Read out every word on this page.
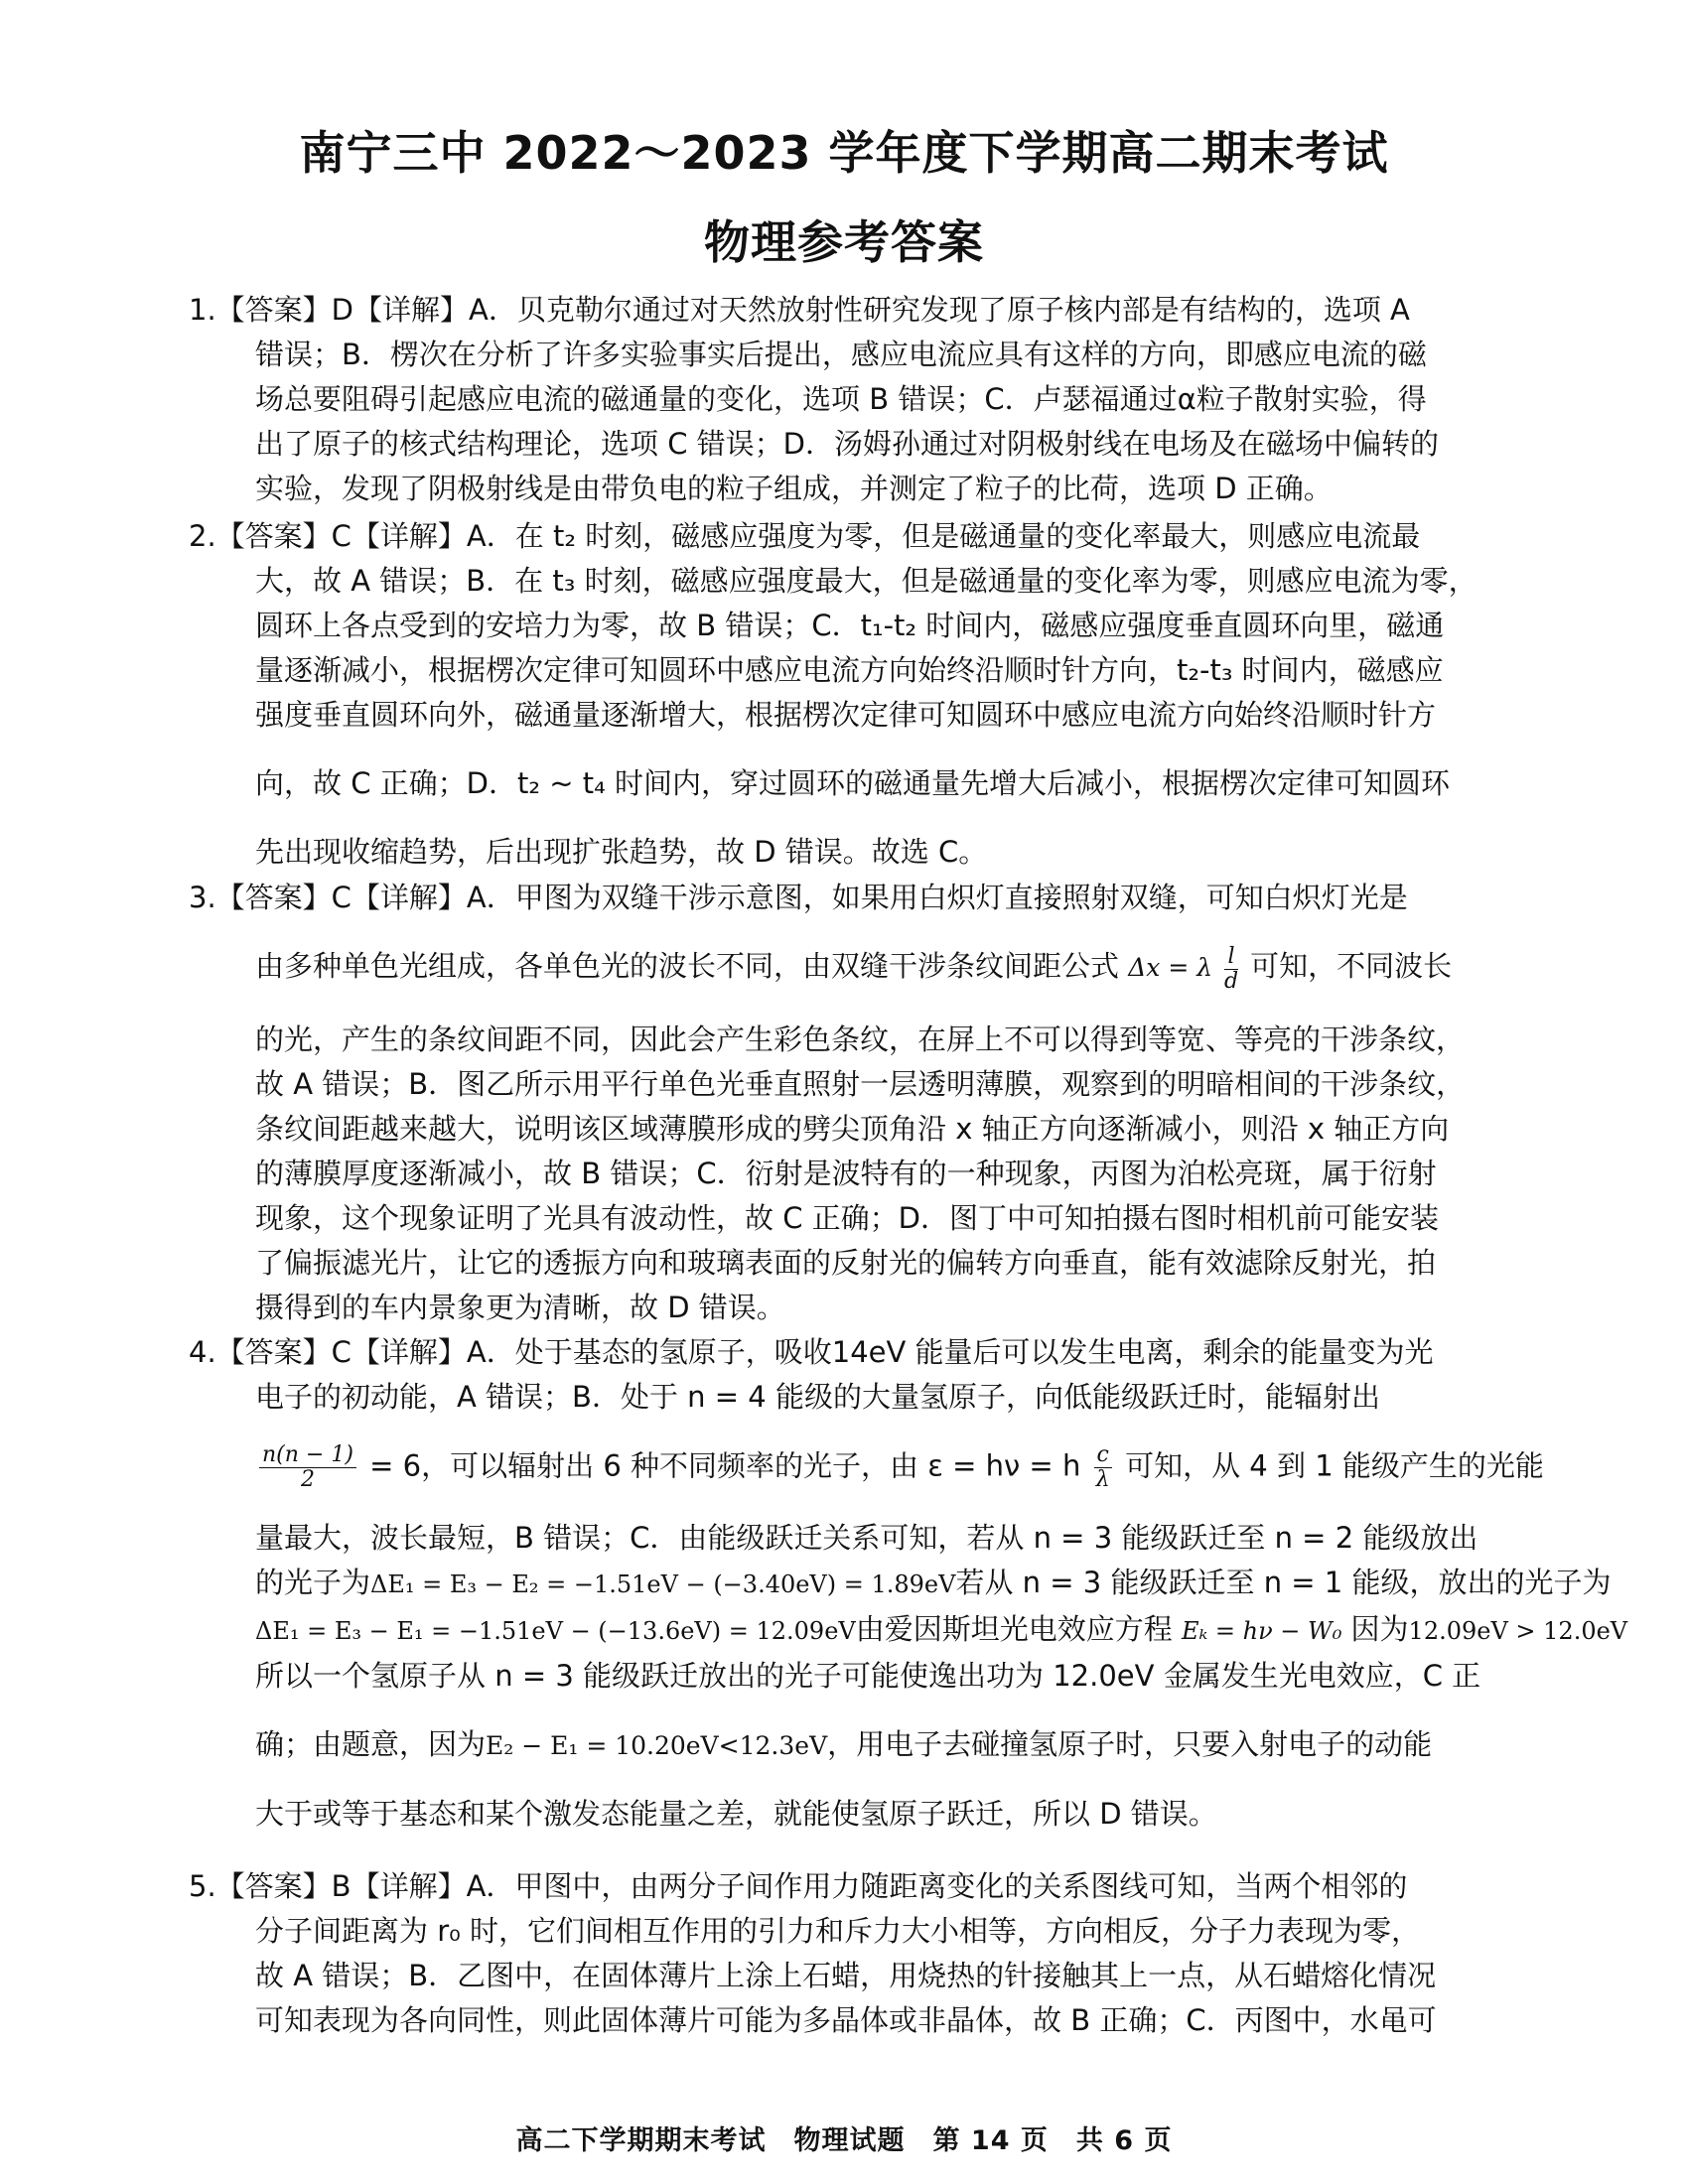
南宁三中 2022～2023 学年度下学期高二期末考试
物理参考答案
1.【答案】D【详解】A．贝克勒尔通过对天然放射性研究发现了原子核内部是有结构的，选项 A
错误；B．楞次在分析了许多实验事实后提出，感应电流应具有这样的方向，即感应电流的磁
场总要阻碍引起感应电流的磁通量的变化，选项 B 错误；C．卢瑟福通过α粒子散射实验，得
出了原子的核式结构理论，选项 C 错误；D．汤姆孙通过对阴极射线在电场及在磁场中偏转的
实验，发现了阴极射线是由带负电的粒子组成，并测定了粒子的比荷，选项 D 正确。
2.【答案】C【详解】A．在 t₂ 时刻，磁感应强度为零，但是磁通量的变化率最大，则感应电流最
大，故 A 错误；B．在 t₃ 时刻，磁感应强度最大，但是磁通量的变化率为零，则感应电流为零，
圆环上各点受到的安培力为零，故 B 错误；C．t₁-t₂ 时间内，磁感应强度垂直圆环向里，磁通
量逐渐减小，根据楞次定律可知圆环中感应电流方向始终沿顺时针方向，t₂-t₃ 时间内，磁感应
强度垂直圆环向外，磁通量逐渐增大，根据楞次定律可知圆环中感应电流方向始终沿顺时针方
向，故 C 正确；D．t₂ ~ t₄ 时间内，穿过圆环的磁通量先增大后减小，根据楞次定律可知圆环
先出现收缩趋势，后出现扩张趋势，故 D 错误。故选 C。
3.【答案】C【详解】A．甲图为双缝干涉示意图，如果用白炽灯直接照射双缝，可知白炽灯光是
由多种单色光组成，各单色光的波长不同，由双缝干涉条纹间距公式 Δx = λ $\frac{l}{d}$ 可知，不同波长
的光，产生的条纹间距不同，因此会产生彩色条纹，在屏上不可以得到等宽、等亮的干涉条纹，
故 A 错误；B．图乙所示用平行单色光垂直照射一层透明薄膜，观察到的明暗相间的干涉条纹，
条纹间距越来越大，说明该区域薄膜形成的劈尖顶角沿 x 轴正方向逐渐减小，则沿 x 轴正方向
的薄膜厚度逐渐减小，故 B 错误；C．衍射是波特有的一种现象，丙图为泊松亮斑，属于衍射
现象，这个现象证明了光具有波动性，故 C 正确；D．图丁中可知拍摄右图时相机前可能安装
了偏振滤光片，让它的透振方向和玻璃表面的反射光的偏转方向垂直，能有效滤除反射光，拍
摄得到的车内景象更为清晰，故 D 错误。
4.【答案】C【详解】A．处于基态的氢原子，吸收14eV 能量后可以发生电离，剩余的能量变为光
电子的初动能，A 错误；B．处于 n = 4 能级的大量氢原子，向低能级跃迁时，能辐射出
$\frac{n(n - 1)}{2} = 6$，可以辐射出 6 种不同频率的光子，由 ε = hν = h $\frac{c}{\lambda}$ 可知，从 4 到 1 能级产生的光能
量最大，波长最短，B 错误；C．由能级跃迁关系可知，若从 n = 3 能级跃迁至 n = 2 能级放出
的光子为ΔE₁ = E₃ − E₂ = −1.51eV − (−3.40eV) = 1.89eV若从 n = 3 能级跃迁至 n = 1 能级，放出的光子为
ΔE₁ = E₃ − E₁ = −1.51eV − (−13.6eV) = 12.09eV由爱因斯坦光电效应方程 Eₖ = hν − W₀ 因为12.09eV > 12.0eV
所以一个氢原子从 n = 3 能级跃迁放出的光子可能使逸出功为 12.0eV 金属发生光电效应，C 正
确；由题意，因为E₂ − E₁ = 10.20eV<12.3eV，用电子去碰撞氢原子时，只要入射电子的动能
大于或等于基态和某个激发态能量之差，就能使氢原子跃迁，所以 D 错误。
5.【答案】B【详解】A．甲图中，由两分子间作用力随距离变化的关系图线可知，当两个相邻的
分子间距离为 r₀ 时，它们间相互作用的引力和斥力大小相等，方向相反，分子力表现为零，
故 A 错误；B．乙图中，在固体薄片上涂上石蜡，用烧热的针接触其上一点，从石蜡熔化情况
可知表现为各向同性，则此固体薄片可能为多晶体或非晶体，故 B 正确；C．丙图中，水黾可
高二下学期期末考试　物理试题　第 14 页　共 6 页
